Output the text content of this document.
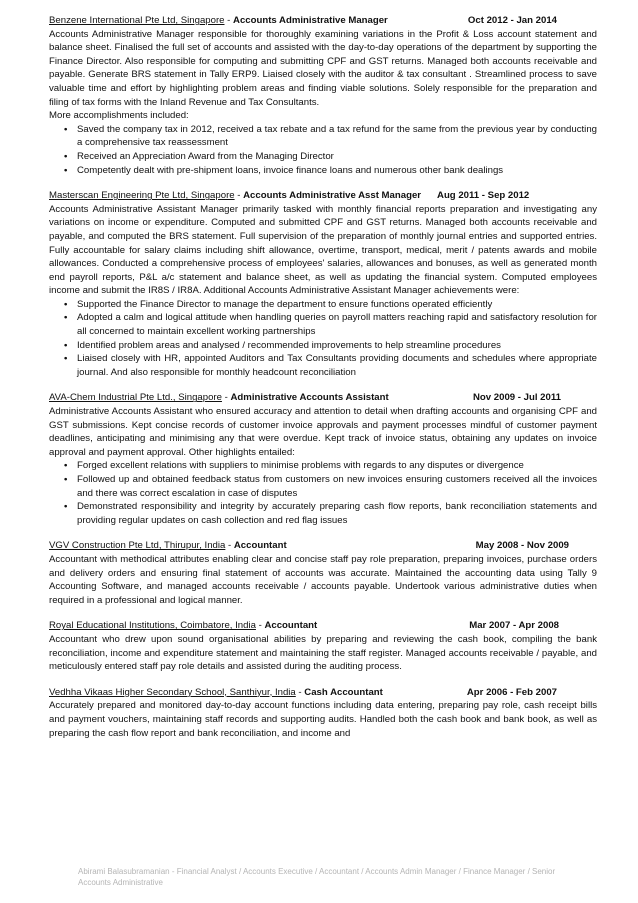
Benzene International Pte Ltd, Singapore - Accounts Administrative Manager	Oct 2012 - Jan 2014

Accounts Administrative Manager responsible for thoroughly examining variations in the Profit & Loss account statement and balance sheet. Finalised the full set of accounts and assisted with the day-to-day operations of the department by supporting the Finance Director. Also responsible for computing and submitting CPF and GST returns. Managed both accounts receivable and payable. Generate BRS statement in Tally ERP9. Liaised closely with the auditor & tax consultant . Streamlined process to save valuable time and effort by highlighting problem areas and finding viable solutions. Solely responsible for the preparation and filing of tax forms with the Inland Revenue and Tax Consultants.

More accomplishments included:

• Saved the company tax in 2012, received a tax rebate and a tax refund for the same from the previous year by conducting a comprehensive tax reassessment
• Received an Appreciation Award from the Managing Director
• Competently dealt with pre-shipment loans, invoice finance loans and numerous other bank dealings
Masterscan Engineering Pte Ltd, Singapore - Accounts Administrative Asst Manager Aug 2011 - Sep 2012

Accounts Administrative Assistant Manager primarily tasked with monthly financial reports preparation and investigating any variations on income or expenditure. Computed and submitted CPF and GST returns. Managed both accounts receivable and payable, and computed the BRS statement. Full supervision of the preparation of monthly journal entries and supported entries. Fully accountable for salary claims including shift allowance, overtime, transport, medical, merit / patents awards and mobile allowances. Conducted a comprehensive process of employees' salaries, allowances and bonuses, as well as generated month end payroll reports, P&L a/c statement and balance sheet, as well as updating the financial system. Computed employees income and submit the IR8S / IR8A. Additional Accounts Administrative Assistant Manager achievements were:

• Supported the Finance Director to manage the department to ensure functions operated efficiently
• Adopted a calm and logical attitude when handling queries on payroll matters reaching rapid and satisfactory resolution for all concerned to maintain excellent working partnerships
• Identified problem areas and analysed / recommended improvements to help streamline procedures
• Liaised closely with HR, appointed Auditors and Tax Consultants providing documents and schedules where appropriate journal. And also responsible for monthly headcount reconciliation
AVA-Chem Industrial Pte Ltd., Singapore - Administrative Accounts Assistant	Nov 2009 - Jul 2011

Administrative Accounts Assistant who ensured accuracy and attention to detail when drafting accounts and organising CPF and GST submissions. Kept concise records of customer invoice approvals and payment processes mindful of customer payment deadlines, anticipating and minimising any that were overdue. Kept track of invoice status, obtaining any updates on invoice approval and payment approval. Other highlights entailed:

• Forged excellent relations with suppliers to minimise problems with regards to any disputes or divergence
• Followed up and obtained feedback status from customers on new invoices ensuring customers received all the invoices and there was correct escalation in case of disputes
• Demonstrated responsibility and integrity by accurately preparing cash flow reports, bank reconciliation statements and providing regular updates on cash collection and red flag issues
VGV Construction Pte Ltd, Thirupur, India - Accountant	May 2008 - Nov 2009

Accountant with methodical attributes enabling clear and concise staff pay role preparation, preparing invoices, purchase orders and delivery orders and ensuring final statement of accounts was accurate. Maintained the accounting data using Tally 9 Accounting Software, and managed accounts receivable / accounts payable. Undertook various administrative duties when required in a professional and logical manner.

Royal Educational Institutions, Coimbatore, India - Accountant	Mar 2007 - Apr 2008

Accountant who drew upon sound organisational abilities by preparing and reviewing the cash book, compiling the bank reconciliation, income and expenditure statement and maintaining the staff register. Managed accounts receivable / payable, and meticulously entered staff pay role details and assisted during the auditing process.

Vedhha Vikaas Higher Secondary School, Santhiyur, India - Cash Accountant	Apr 2006 - Feb 2007

Accurately prepared and monitored day-to-day account functions including data entering, preparing pay role, cash receipt bills and payment vouchers, maintaining staff records and supporting audits. Handled both the cash book and bank book, as well as preparing the cash flow report and bank reconciliation, and income and

Abirami Balasubramanian - Financial Analyst / Accounts Executive / Accountant / Accounts Admin Manager / Finance Manager / Senior Accounts Administrative
